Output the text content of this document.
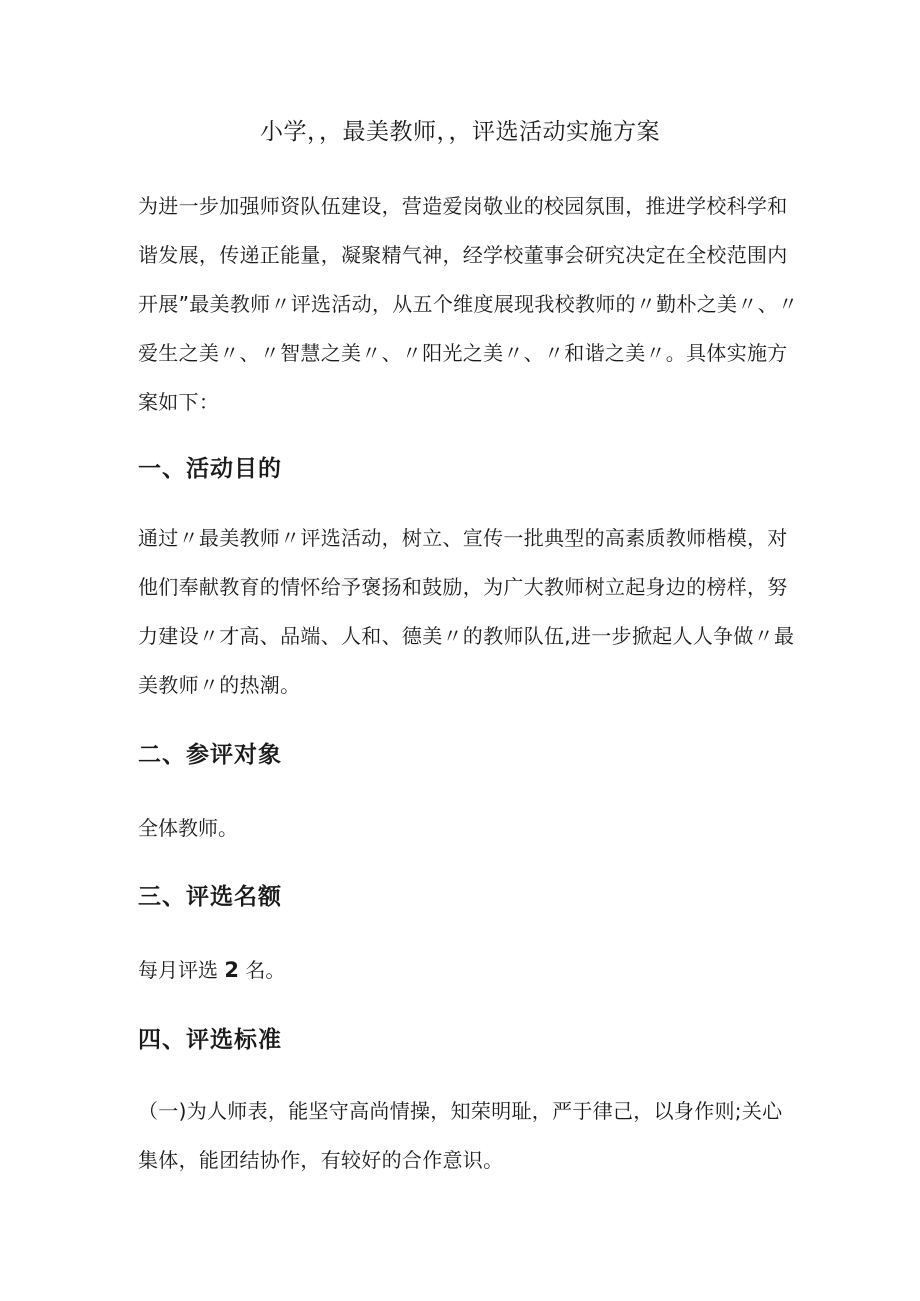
小学，，最美教师，，评选活动实施方案

为进一步加强师资队伍建设，营造爱岗敬业的校园氛围，推进学校科学和
谐发展，传递正能量，凝聚精气神，经学校董事会研究决定在全校范围内
开展”最美教师〃评选活动，从五个维度展现我校教师的〃勤朴之美〃、〃
爱生之美〃、〃智慧之美〃、〃阳光之美〃、〃和谐之美〃。具体实施方
案如下：

一、活动目的

通过〃最美教师〃评选活动，树立、宣传一批典型的高素质教师楷模，对
他们奉献教育的情怀给予褒扬和鼓励，为广大教师树立起身边的榜样，努
力建设〃才高、品端、人和、德美〃的教师队伍,进一步掀起人人争做〃最
美教师〃的热潮。

二、参评对象

全体教师。

三、评选名额

每月评选 2 名。

四、评选标准

（一)为人师表，能坚守高尚情操，知荣明耻，严于律己，以身作则;关心
集体，能团结协作，有较好的合作意识。
